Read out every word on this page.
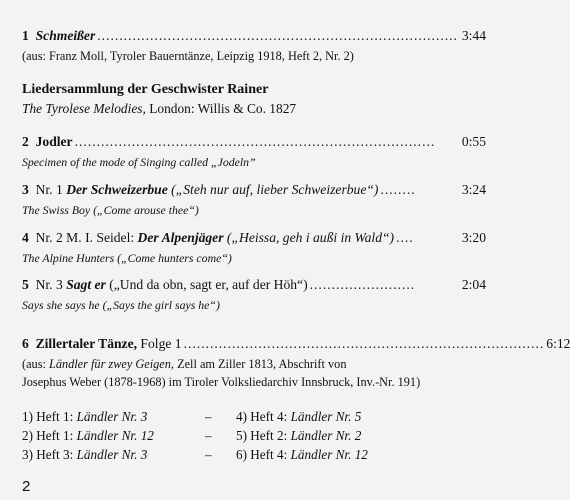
1 Schmeißer .................................................................................. 3:44
(aus: Franz Moll, Tyroler Bauerntänze, Leipzig 1918, Heft 2, Nr. 2)
Liedersammlung der Geschwister Rainer
The Tyrolese Melodies, London: Willis & Co. 1827
2 Jodler ..................................................................................	0:55
Specimen of the mode of Singing called „Jodeln”
3 Nr. 1 Der Schweizerbue („Steh nur auf, lieber Schweizerbue“) ........	3:24
The Swiss Boy („Come arouse thee“)
4 Nr. 2 M. I. Seidel: Der Alpenjäger („Heissa, geh i außi in Wald“) ....	3:20
The Alpine Hunters („Come hunters come“)
5 Nr. 3 Sagt er („Und da obn, sagt er, auf der Höh“) ........................	2:04
Says she says he („Says the girl says he“)
6 Zillertaler Tänze, Folge 1 .................................................................................. 6:12
(aus: Ländler für zwey Geigen, Zell am Ziller 1813, Abschrift von
Josephus Weber (1878-1968) im Tiroler Volksliedarchiv Innsbruck, Inv.-Nr. 191)
1) Heft 1: Ländler Nr. 3	– 4) Heft 4: Ländler Nr. 5
2) Heft 1: Ländler Nr. 12	– 5) Heft 2: Ländler Nr. 2
3) Heft 3: Ländler Nr. 3	– 6) Heft 4: Ländler Nr. 12
2
